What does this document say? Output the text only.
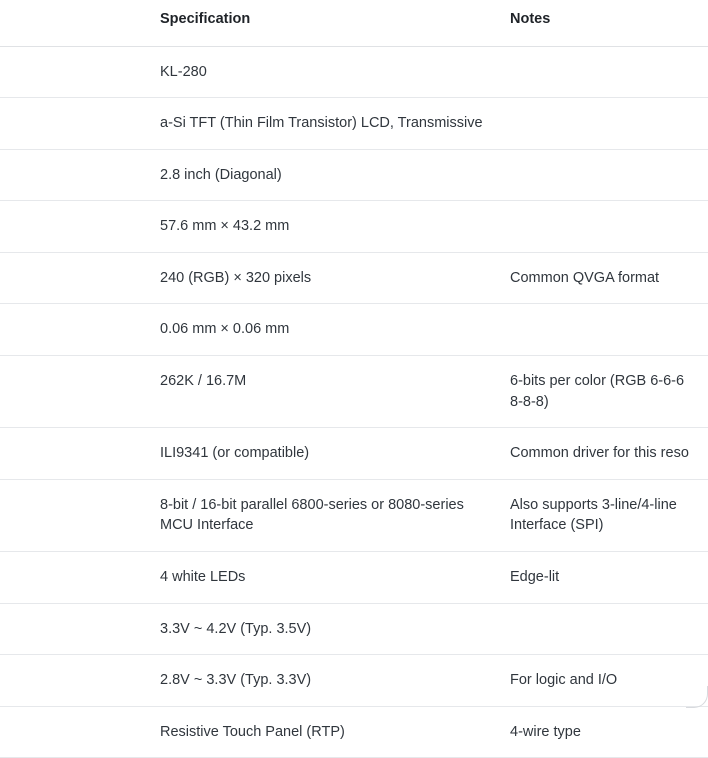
	Specification	Notes
	KL-280	
	a-Si TFT (Thin Film Transistor) LCD, Transmissive	
	2.8 inch (Diagonal)	
	57.6 mm × 43.2 mm	
	240 (RGB) × 320 pixels	Common QVGA format
	0.06 mm × 0.06 mm	
	262K / 16.7M	6-bits per color (RGB 6-6-6 8-8-8)
	ILI9341 (or compatible)	Common driver for this reso
	8-bit / 16-bit parallel 6800-series or 8080-series MCU Interface	Also supports 3-line/4-line Interface (SPI)
	4 white LEDs	Edge-lit
	3.3V ~ 4.2V (Typ. 3.5V)	
	2.8V ~ 3.3V (Typ. 3.3V)	For logic and I/O
	Resistive Touch Panel (RTP)	4-wire type
